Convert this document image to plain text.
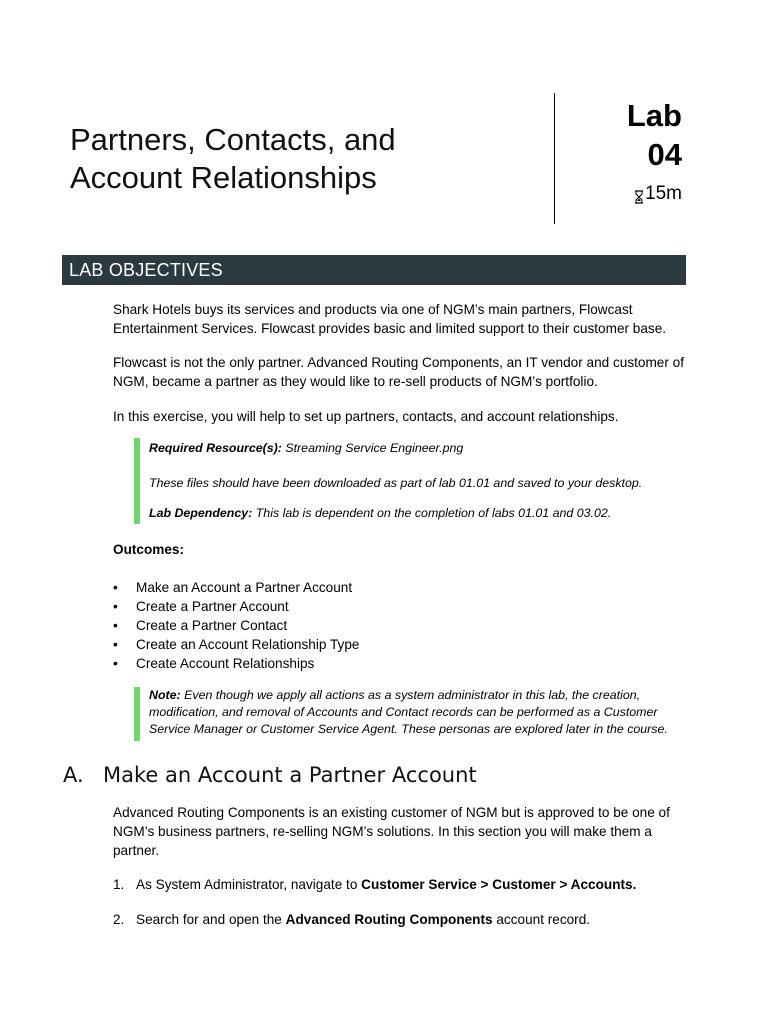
Partners, Contacts, and
Account Relationships
Lab
04
15m
LAB OBJECTIVES

Shark Hotels buys its services and products via one of NGM’s main partners, Flowcast Entertainment Services. Flowcast provides basic and limited support to their customer base.

Flowcast is not the only partner. Advanced Routing Components, an IT vendor and customer of NGM, became a partner as they would like to re-sell products of NGM’s portfolio.

In this exercise, you will help to set up partners, contacts, and account relationships.

Required Resource(s): Streaming Service Engineer.png

These files should have been downloaded as part of lab 01.01 and saved to your desktop.

Lab Dependency: This lab is dependent on the completion of labs 01.01 and 03.02.

Outcomes:

• Make an Account a Partner Account
• Create a Partner Account
• Create a Partner Contact
• Create an Account Relationship Type
• Create Account Relationships

Note: Even though we apply all actions as a system administrator in this lab, the creation, modification, and removal of Accounts and Contact records can be performed as a Customer Service Manager or Customer Service Agent. These personas are explored later in the course.

A. Make an Account a Partner Account

Advanced Routing Components is an existing customer of NGM but is approved to be one of NGM’s business partners, re-selling NGM’s solutions. In this section you will make them a partner.

1. As System Administrator, navigate to Customer Service > Customer > Accounts.
2. Search for and open the Advanced Routing Components account record.
